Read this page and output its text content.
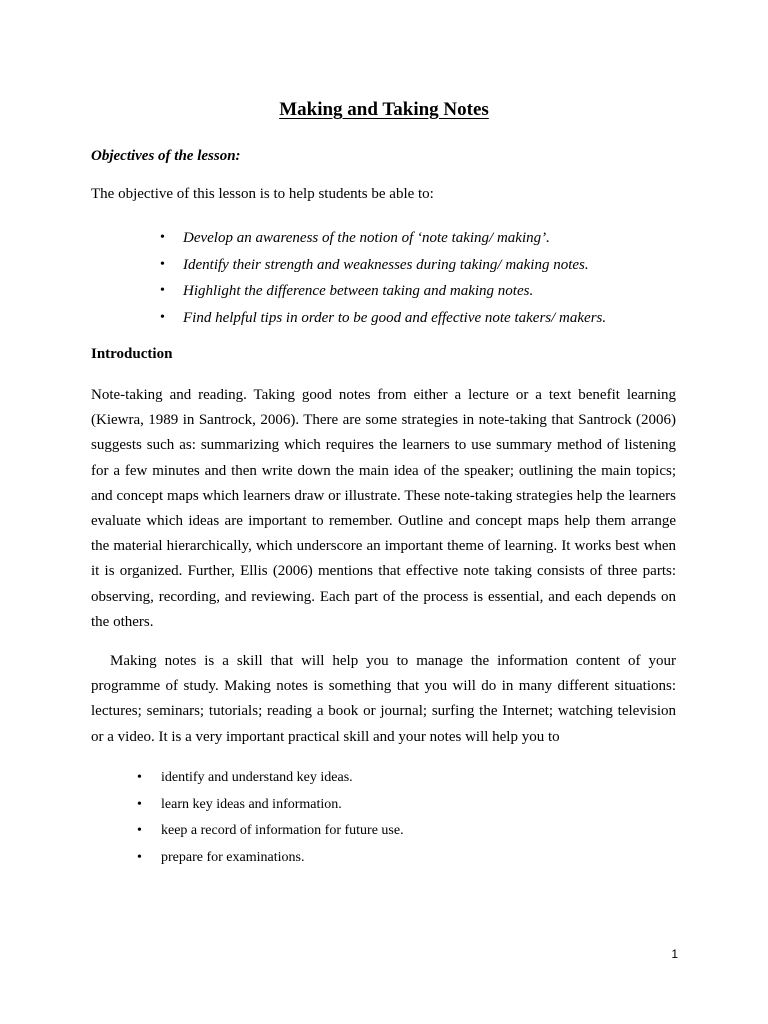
Making and Taking Notes

Objectives of the lesson:

The objective of this lesson is to help students be able to:

• Develop an awareness of the notion of ‘note taking/ making’.
• Identify their strength and weaknesses during taking/ making notes.
• Highlight the difference between taking and making notes.
• Find helpful tips in order to be good and effective note takers/ makers.
Introduction

Note-taking and reading. Taking good notes from either a lecture or a text benefit learning (Kiewra, 1989 in Santrock, 2006). There are some strategies in note-taking that Santrock (2006) suggests such as: summarizing which requires the learners to use summary method of listening for a few minutes and then write down the main idea of the speaker; outlining the main topics; and concept maps which learners draw or illustrate. These note-taking strategies help the learners evaluate which ideas are important to remember. Outline and concept maps help them arrange the material hierarchically, which underscore an important theme of learning. It works best when it is organized. Further, Ellis (2006) mentions that effective note taking consists of three parts: observing, recording, and reviewing. Each part of the process is essential, and each depends on the others.

Making notes is a skill that will help you to manage the information content of your programme of study. Making notes is something that you will do in many different situations: lectures; seminars; tutorials; reading a book or journal; surfing the Internet; watching television or a video. It is a very important practical skill and your notes will help you to

• identify and understand key ideas.
• learn key ideas and information.
• keep a record of information for future use.
• prepare for examinations.

1
